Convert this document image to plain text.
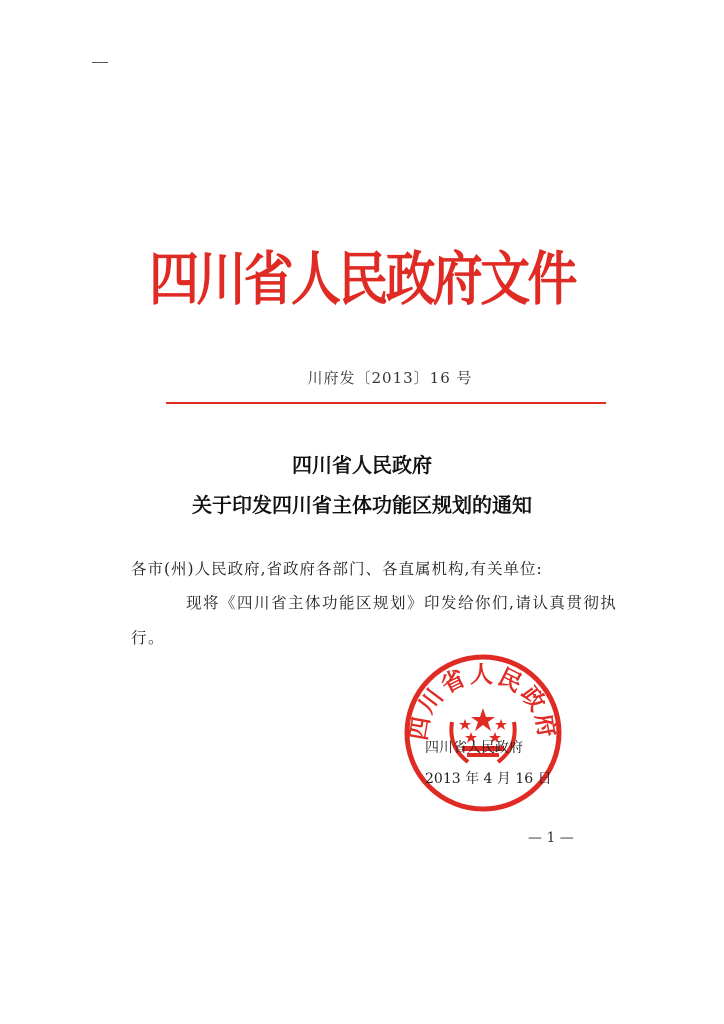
四川省人民政府文件
川府发〔2013〕16 号
四川省人民政府
关于印发四川省主体功能区规划的通知
各市(州)人民政府,省政府各部门、各直属机构,有关单位:
现将《四川省主体功能区规划》印发给你们,请认真贯彻执
行。
四川省人民政府
四川省人民政府
2013 年 4 月 16 日
— 1 —
